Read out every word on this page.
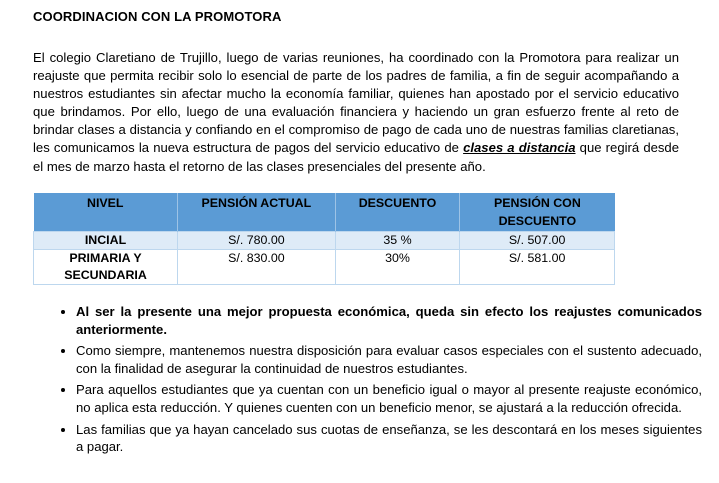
COORDINACION CON LA PROMOTORA

El colegio Claretiano de Trujillo, luego de varias reuniones, ha coordinado con la Promotora para realizar un reajuste que permita recibir solo lo esencial de parte de los padres de familia, a fin de seguir acompañando a nuestros estudiantes sin afectar mucho la economía familiar, quienes han apostado por el servicio educativo que brindamos. Por ello, luego de una evaluación financiera y haciendo un gran esfuerzo frente al reto de brindar clases a distancia y confiando en el compromiso de pago de cada uno de nuestras familias claretianas, les comunicamos la nueva estructura de pagos del servicio educativo de clases a distancia que regirá desde el mes de marzo hasta el retorno de las clases presenciales del presente año.

NIVEL	PENSIÓN ACTUAL	DESCUENTO	PENSIÓN CON DESCUENTO
INCIAL	S/. 780.00	35 %	S/. 507.00
PRIMARIA Y SECUNDARIA	S/. 830.00	30%	S/. 581.00
• Al ser la presente una mejor propuesta económica, queda sin efecto los reajustes comunicados anteriormente.
• Como siempre, mantenemos nuestra disposición para evaluar casos especiales con el sustento adecuado, con la finalidad de asegurar la continuidad de nuestros estudiantes.
• Para aquellos estudiantes que ya cuentan con un beneficio igual o mayor al presente reajuste económico, no aplica esta reducción. Y quienes cuenten con un beneficio menor, se ajustará a la reducción ofrecida.
• Las familias que ya hayan cancelado sus cuotas de enseñanza, se les descontará en los meses siguientes a pagar.
